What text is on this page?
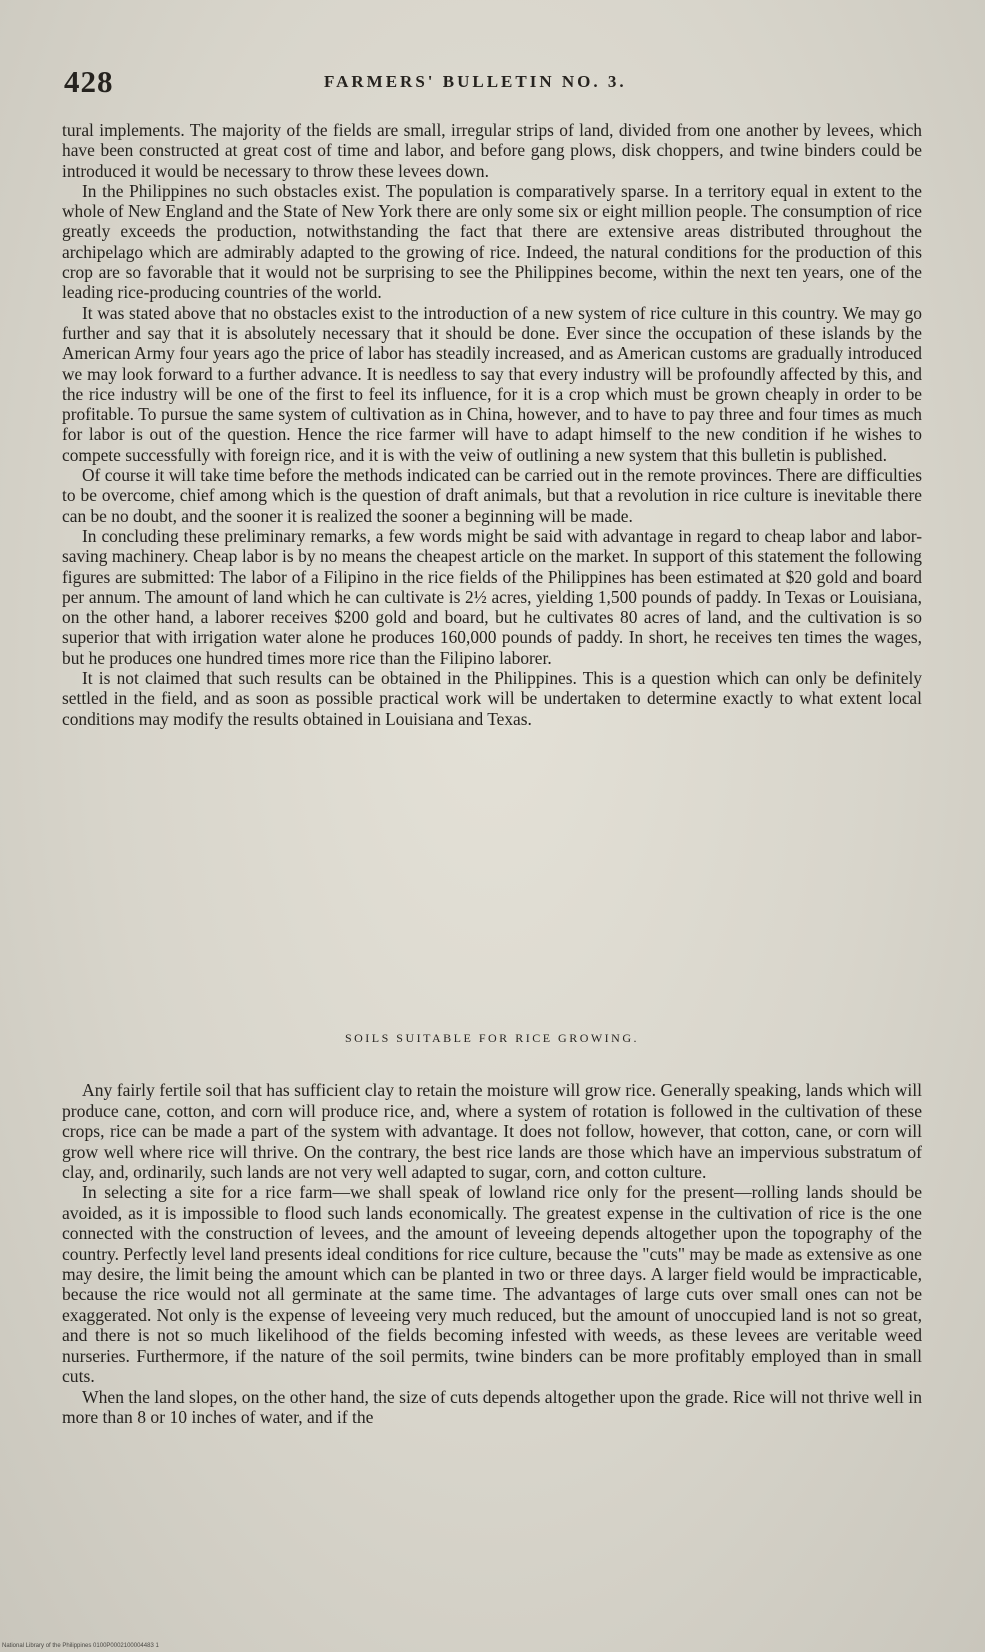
428	FARMERS' BULLETIN NO. 3.

tural implements. The majority of the fields are small, irregular strips of land, divided from one another by levees, which have been constructed at great cost of time and labor, and before gang plows, disk choppers, and twine binders could be introduced it would be necessary to throw these levees down.

In the Philippines no such obstacles exist. The population is comparatively sparse. In a territory equal in extent to the whole of New England and the State of New York there are only some six or eight million people. The consumption of rice greatly exceeds the production, notwithstanding the fact that there are extensive areas distributed throughout the archipelago which are admirably adapted to the growing of rice. Indeed, the natural conditions for the production of this crop are so favorable that it would not be surprising to see the Philippines become, within the next ten years, one of the leading rice-producing countries of the world.

It was stated above that no obstacles exist to the introduction of a new system of rice culture in this country. We may go further and say that it is absolutely necessary that it should be done. Ever since the occupation of these islands by the American Army four years ago the price of labor has steadily increased, and as American customs are gradually introduced we may look forward to a further advance. It is needless to say that every industry will be profoundly affected by this, and the rice industry will be one of the first to feel its influence, for it is a crop which must be grown cheaply in order to be profitable. To pursue the same system of cultivation as in China, however, and to have to pay three and four times as much for labor is out of the question. Hence the rice farmer will have to adapt himself to the new condition if he wishes to compete successfully with foreign rice, and it is with the veiw of outlining a new system that this bulletin is published.

Of course it will take time before the methods indicated can be carried out in the remote provinces. There are difficulties to be overcome, chief among which is the question of draft animals, but that a revolution in rice culture is inevitable there can be no doubt, and the sooner it is realized the sooner a beginning will be made.

In concluding these preliminary remarks, a few words might be said with advantage in regard to cheap labor and labor-saving machinery. Cheap labor is by no means the cheapest article on the market. In support of this statement the following figures are submitted: The labor of a Filipino in the rice fields of the Philippines has been estimated at $20 gold and board per annum. The amount of land which he can cultivate is 2½ acres, yielding 1,500 pounds of paddy. In Texas or Louisiana, on the other hand, a laborer receives $200 gold and board, but he cultivates 80 acres of land, and the cultivation is so superior that with irrigation water alone he produces 160,000 pounds of paddy. In short, he receives ten times the wages, but he produces one hundred times more rice than the Filipino laborer.

It is not claimed that such results can be obtained in the Philippines. This is a question which can only be definitely settled in the field, and as soon as possible practical work will be undertaken to determine exactly to what extent local conditions may modify the results obtained in Louisiana and Texas.

SOILS SUITABLE FOR RICE GROWING.

Any fairly fertile soil that has sufficient clay to retain the moisture will grow rice. Generally speaking, lands which will produce cane, cotton, and corn will produce rice, and, where a system of rotation is followed in the cultivation of these crops, rice can be made a part of the system with advantage. It does not follow, however, that cotton, cane, or corn will grow well where rice will thrive. On the contrary, the best rice lands are those which have an impervious substratum of clay, and, ordinarily, such lands are not very well adapted to sugar, corn, and cotton culture.

In selecting a site for a rice farm—we shall speak of lowland rice only for the present—rolling lands should be avoided, as it is impossible to flood such lands economically. The greatest expense in the cultivation of rice is the one connected with the construction of levees, and the amount of leveeing depends altogether upon the topography of the country. Perfectly level land presents ideal conditions for rice culture, because the "cuts" may be made as extensive as one may desire, the limit being the amount which can be planted in two or three days. A larger field would be impracticable, because the rice would not all germinate at the same time. The advantages of large cuts over small ones can not be exaggerated. Not only is the expense of leveeing very much reduced, but the amount of unoccupied land is not so great, and there is not so much likelihood of the fields becoming infested with weeds, as these levees are veritable weed nurseries. Furthermore, if the nature of the soil permits, twine binders can be more profitably employed than in small cuts.

When the land slopes, on the other hand, the size of cuts depends altogether upon the grade. Rice will not thrive well in more than 8 or 10 inches of water, and if the

National Library of the Philippines 0100P0002100004483 1
